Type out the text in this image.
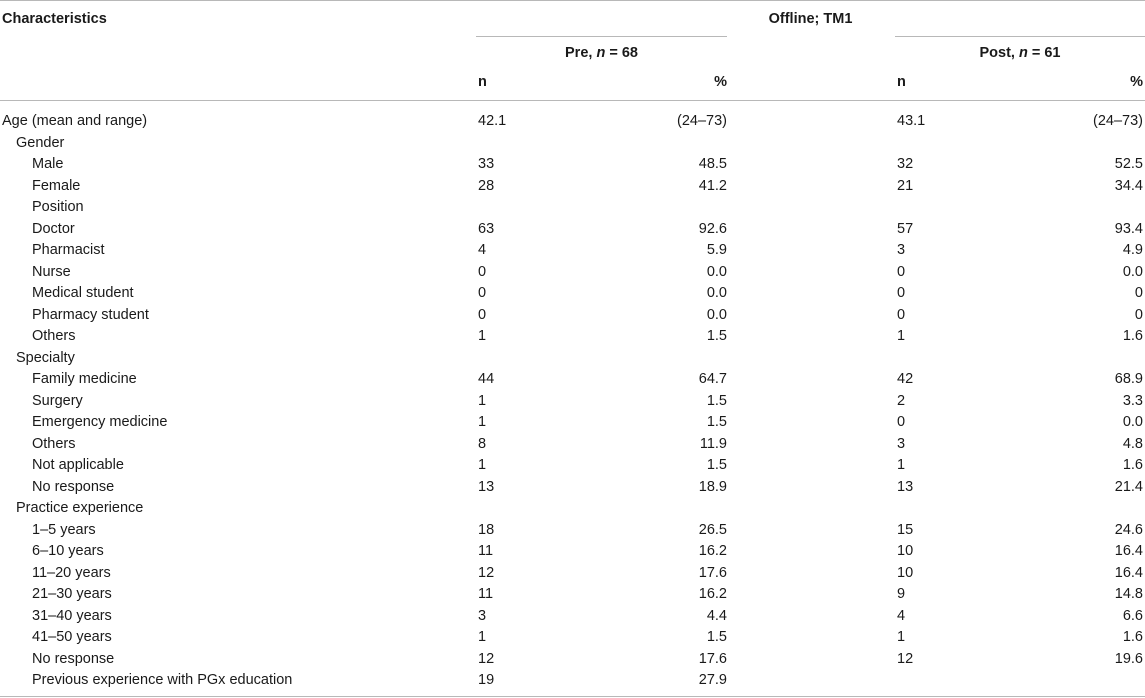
Characteristics	Offline; TM1
Pre, n = 68	Post, n = 61
n	%	n	%
Age (mean and range)	42.1	(24–73)	43.1	(24–73)
Gender
Male	33	48.5	32	52.5
Female	28	41.2	21	34.4
Position
Doctor	63	92.6	57	93.4
Pharmacist	4	5.9	3	4.9
Nurse	0	0.0	0	0.0
Medical student	0	0.0	0	0
Pharmacy student	0	0.0	0	0
Others	1	1.5	1	1.6
Specialty
Family medicine	44	64.7	42	68.9
Surgery	1	1.5	2	3.3
Emergency medicine	1	1.5	0	0.0
Others	8	11.9	3	4.8
Not applicable	1	1.5	1	1.6
No response	13	18.9	13	21.4
Practice experience
1–5 years	18	26.5	15	24.6
6–10 years	11	16.2	10	16.4
11–20 years	12	17.6	10	16.4
21–30 years	11	16.2	9	14.8
31–40 years	3	4.4	4	6.6
41–50 years	1	1.5	1	1.6
No response	12	17.6	12	19.6
Previous experience with PGx education	19	27.9
